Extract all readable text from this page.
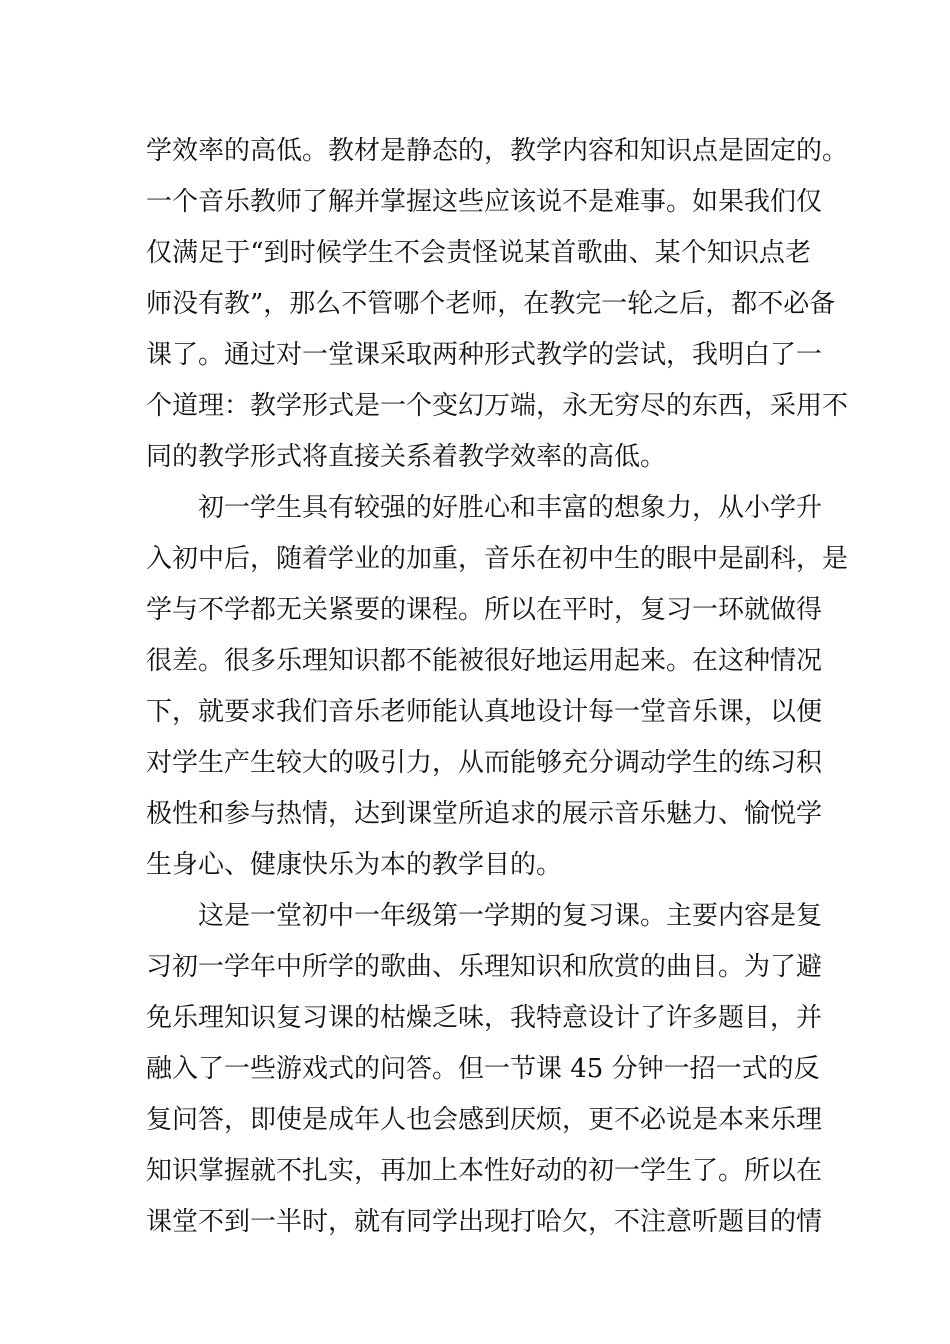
学效率的高低。教材是静态的，教学内容和知识点是固定的。
一个音乐教师了解并掌握这些应该说不是难事。如果我们仅
仅满足于“到时候学生不会责怪说某首歌曲、某个知识点老
师没有教”，那么不管哪个老师，在教完一轮之后，都不必备
课了。通过对一堂课采取两种形式教学的尝试，我明白了一
个道理：教学形式是一个变幻万端，永无穷尽的东西，采用不
同的教学形式将直接关系着教学效率的高低。
初一学生具有较强的好胜心和丰富的想象力，从小学升
入初中后，随着学业的加重，音乐在初中生的眼中是副科，是
学与不学都无关紧要的课程。所以在平时，复习一环就做得
很差。很多乐理知识都不能被很好地运用起来。在这种情况
下，就要求我们音乐老师能认真地设计每一堂音乐课，以便
对学生产生较大的吸引力，从而能够充分调动学生的练习积
极性和参与热情，达到课堂所追求的展示音乐魅力、愉悦学
生身心、健康快乐为本的教学目的。
这是一堂初中一年级第一学期的复习课。主要内容是复
习初一学年中所学的歌曲、乐理知识和欣赏的曲目。为了避
免乐理知识复习课的枯燥乏味，我特意设计了许多题目，并
融入了一些游戏式的问答。但一节课 45 分钟一招一式的反
复问答，即使是成年人也会感到厌烦，更不必说是本来乐理
知识掌握就不扎实，再加上本性好动的初一学生了。所以在
课堂不到一半时，就有同学出现打哈欠，不注意听题目的情
